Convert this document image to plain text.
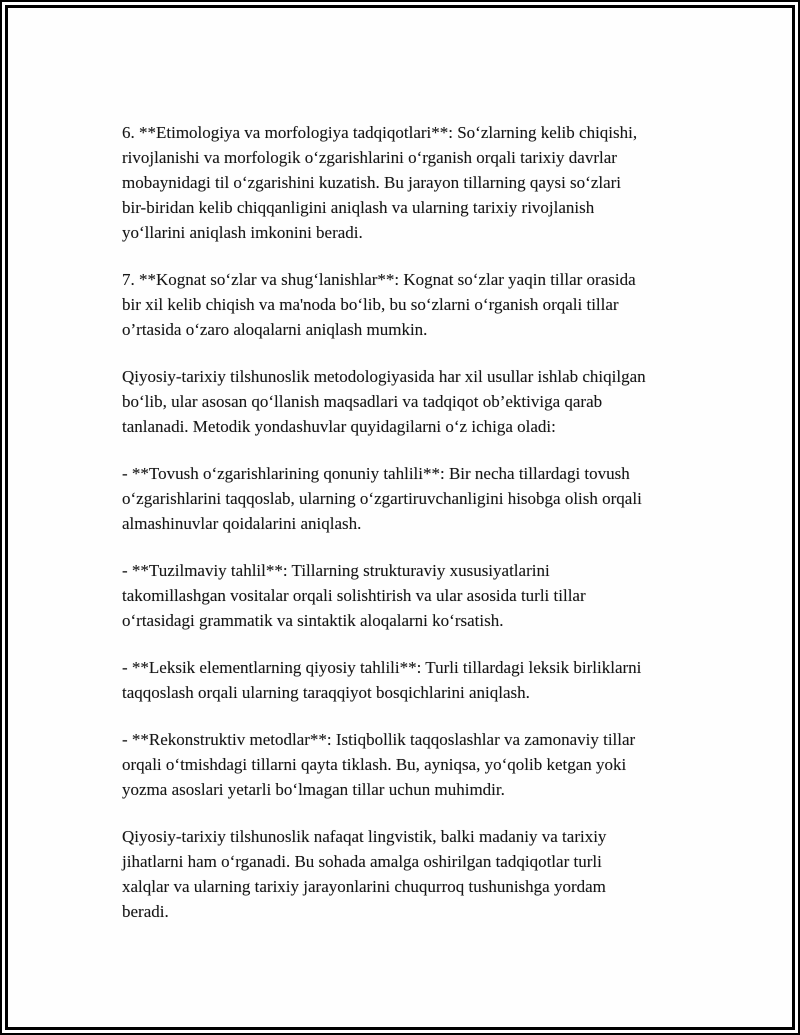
6. **Etimologiya va morfologiya tadqiqotlari**: So‘zlarning kelib chiqishi,
rivojlanishi va morfologik o‘zgarishlarini o‘rganish orqali tarixiy davrlar
mobaynidagi til o‘zgarishini kuzatish. Bu jarayon tillarning qaysi so‘zlari
bir-biridan kelib chiqqanligini aniqlash va ularning tarixiy rivojlanish
yo‘llarini aniqlash imkonini beradi.

7. **Kognat so‘zlar va shug‘lanishlar**: Kognat so‘zlar yaqin tillar orasida
bir xil kelib chiqish va ma'noda bo‘lib, bu so‘zlarni o‘rganish orqali tillar
o’rtasida o‘zaro aloqalarni aniqlash mumkin.

Qiyosiy-tarixiy tilshunoslik metodologiyasida har xil usullar ishlab chiqilgan
bo‘lib, ular asosan qo‘llanish maqsadlari va tadqiqot ob’ektiviga qarab
tanlanadi. Metodik yondashuvlar quyidagilarni o‘z ichiga oladi:

- **Tovush o‘zgarishlarining qonuniy tahlili**: Bir necha tillardagi tovush
o‘zgarishlarini taqqoslab, ularning o‘zgartiruvchanligini hisobga olish orqali
almashinuvlar qoidalarini aniqlash.

- **Tuzilmaviy tahlil**: Tillarning strukturaviy xususiyatlarini
takomillashgan vositalar orqali solishtirish va ular asosida turli tillar
o‘rtasidagi grammatik va sintaktik aloqalarni ko‘rsatish.

- **Leksik elementlarning qiyosiy tahlili**: Turli tillardagi leksik birliklarni
taqqoslash orqali ularning taraqqiyot bosqichlarini aniqlash.

- **Rekonstruktiv metodlar**: Istiqbollik taqqoslashlar va zamonaviy tillar
orqali o‘tmishdagi tillarni qayta tiklash. Bu, ayniqsa, yo‘qolib ketgan yoki
yozma asoslari yetarli bo‘lmagan tillar uchun muhimdir.

Qiyosiy-tarixiy tilshunoslik nafaqat lingvistik, balki madaniy va tarixiy
jihatlarni ham o‘rganadi. Bu sohada amalga oshirilgan tadqiqotlar turli
xalqlar va ularning tarixiy jarayonlarini chuqurroq tushunishga yordam
beradi.
